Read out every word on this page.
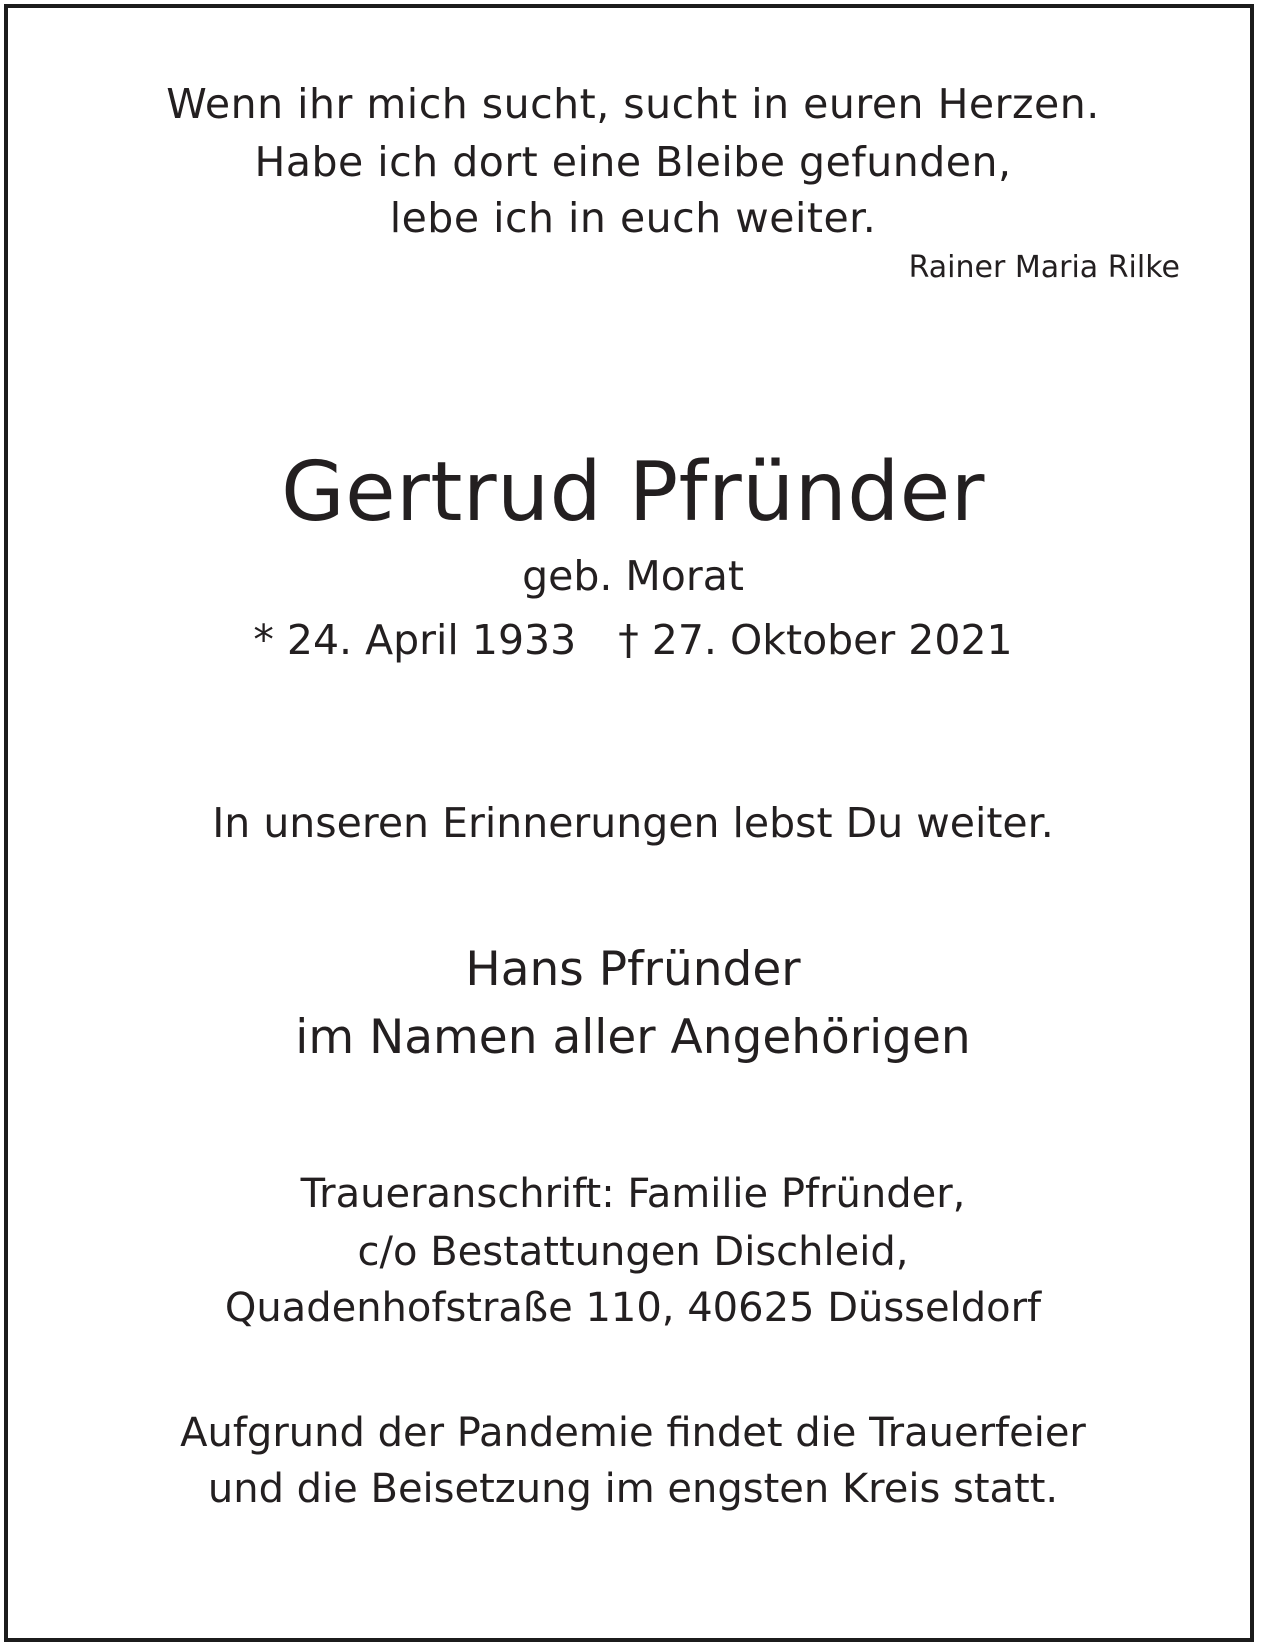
Wenn ihr mich sucht, sucht in euren Herzen.
Habe ich dort eine Bleibe gefunden,
lebe ich in euch weiter.
Rainer Maria Rilke
Gertrud Pfründer
geb. Morat
* 24. April 1933 † 27. Oktober 2021
In unseren Erinnerungen lebst Du weiter.
Hans Pfründer
im Namen aller Angehörigen
Traueranschrift: Familie Pfründer,
c/o Bestattungen Dischleid,
Quadenhofstraße 110, 40625 Düsseldorf
Aufgrund der Pandemie findet die Trauerfeier
und die Beisetzung im engsten Kreis statt.
